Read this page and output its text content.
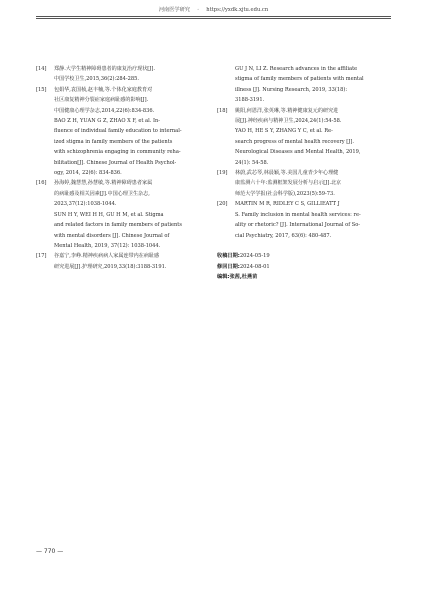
河南医学研究 · https://yxdk.xjtu.edu.cn
[14] 郑静.大学生精神障碍患者的康复治疗现状[J].

中国学校卫生,2015,36(2):284-285.

[15] 包娟华,袁国桢,赵丰楠,等.个体化家庭教育对

社区康复精神分裂症家庭病耻感的影响[J].

中国健康心理学杂志,2014,22(6):834-836.

BAO Z H, YUAN G Z, ZHAO X F, et al. In-

fluence of individual family education to internal-

ized stigma in family members of the patients

with schizophrenia engaging in community reha-

bilitation[J]. Chinese Journal of Health Psychol-

ogy, 2014, 22(6): 834-836.

[16] 孙海婷,魏慧慧,孙慧敏,等.精神障碍患者家属

的病耻感及相关因素[J].中国心理卫生杂志,

2023,37(12):1038-1044.

SUN H Y, WEI H H, GU H M, et al. Stigma

and related factors in family members of patients

with mental disorders [J]. Chinese Journal of

Mental Health, 2019, 37(12): 1038-1044.

[17] 谷嘉宁,李峥.精神疾病病人家属连带内在病耻感

研究进展[J].护理研究,2019,33(18):3188-3191.

GU J N, LI Z. Research advances in the affiliate

stigma of family members of patients with mental

illness [J]. Nursing Research, 2019, 33(18):

3188-3191.

[18] 姚阳,何恩洋,张英琳,等.精神健康复元的研究进

展[J].神经疾病与精神卫生,2024,24(1):54-58.

YAO H, HE S Y, ZHANG Y C, et al. Re-

search progress of mental health recovery [J].

Neurological Diseases and Mental Health, 2019,

24(1): 54-58.

[19] 林蔚,武芯琴,林晨颖,等.美国儿童青少年心理健

康监测六十年:监测框架发展分析与启示[J].北京

师范大学学报(社会科学版),2023(5):59-73.

[20] MARTIN M R, RIDLEY C S, GILLIEATT J

S. Family inclusion in mental health services: re-

ality or rhetoric? [J]. International Journal of So-

cial Psychiatry, 2017, 63(6): 480-487.

收稿日期:2024-05-19
修回日期:2024-08-01
编辑:张茜,杜燕苗
— 770 —
